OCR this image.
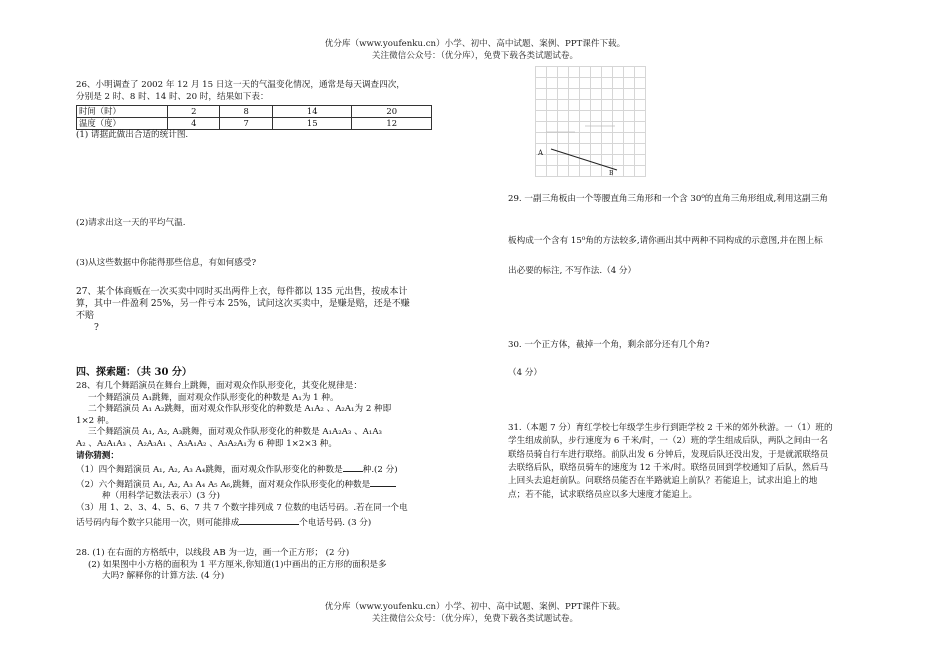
优分库（www.youfenku.cn）小学、初中、高中试题、案例、PPT课件下载。
关注微信公众号：（优分库），免费下载各类试题试卷。
26、小明调查了 2002 年 12 月 15 日这一天的气温变化情况，通常是每天调查四次，
分别是 2 时、8 时、14 时、20 时，结果如下表：
时间（时）	2	8	14	20
温度（度）	4	7	15	12
(1) 请据此做出合适的统计图.
(2)请求出这一天的平均气温.
(3)从这些数据中你能得那些信息，有如何感受?
27、某个体商贩在一次买卖中同时买出两件上衣，每件都以 135 元出售，按成本计
算，其中一件盈利 25%，另一件亏本 25%，试问这次买卖中，是赚是赔，还是不赚
不赔
?
四、探索题：（共 30 分）
28、有几个舞蹈演员在舞台上跳舞，面对观众作队形变化，其变化规律是：
一个舞蹈演员 A₁跳舞，面对观众作队形变化的种数是 A₁为 1 种。
二个舞蹈演员 A₁ A₂跳舞，面对观众作队形变化的种数是 A₁A₂ 、A₂A₁为 2 种即
1×2 种。
三个舞蹈演员 A₁, A₂, A₃跳舞，面对观众作队形变化的种数是 A₁A₂A₃ 、A₁A₃
A₂ 、A₂A₁A₃ 、A₂A₃A₁ 、A₃A₁A₂ 、A₃A₂A₁为 6 种即 1×2×3 种。
请你猜测：
（1）四个舞蹈演员 A₁, A₂, A₃ A₄跳舞，面对观众作队形变化的种数是 种.(2 分)
（2）六个舞蹈演员 A₁, A₂, A₃ A₄ A₅ A₆,跳舞，面对观众作队形变化的种数是
种（用科学记数法表示）(3 分)
（3）用 1、2、3、4、5、6、7 共 7 个数字排列成 7 位数的电话号码。.若在同一个电
话号码内每个数字只能用一次，则可能排成	个电话号码. (3 分)
28. (1) 在右面的方格纸中，以线段 AB 为一边，画一个正方形； (2 分)
(2) 如果图中小方格的面积为 1 平方厘米,你知道(1)中画出的正方形的面积是多
大吗? 解释你的计算方法. (4 分)
A
B
29. 一副三角板由一个等腰直角三角形和一个含 30⁰的直角三角形组成,利用这副三角
板构成一个含有 15⁰角的方法较多,请你画出其中两种不同构成的示意图,并在图上标
出必要的标注, 不写作法.（4 分）
30. 一个正方体，截掉一个角，剩余部分还有几个角?
（4 分）
31.（本题 7 分）育红学校七年级学生步行到距学校 2 千米的郊外秋游。一（1）班的
学生组成前队，步行速度为 6 千米/时，一（2）班的学生组成后队，两队之间由一名
联络员骑自行车进行联络。前队出发 6 分钟后，发现后队还没出发，于是就派联络员
去联络后队，联络员骑车的速度为 12 千米/时。联络员回到学校通知了后队，然后马
上回头去追赶前队。问联络员能否在半路就追上前队？若能追上，试求出追上的地
点；若不能，试求联络员应以多大速度才能追上。
优分库（www.youfenku.cn）小学、初中、高中试题、案例、PPT课件下载。
关注微信公众号：（优分库），免费下载各类试题试卷。
